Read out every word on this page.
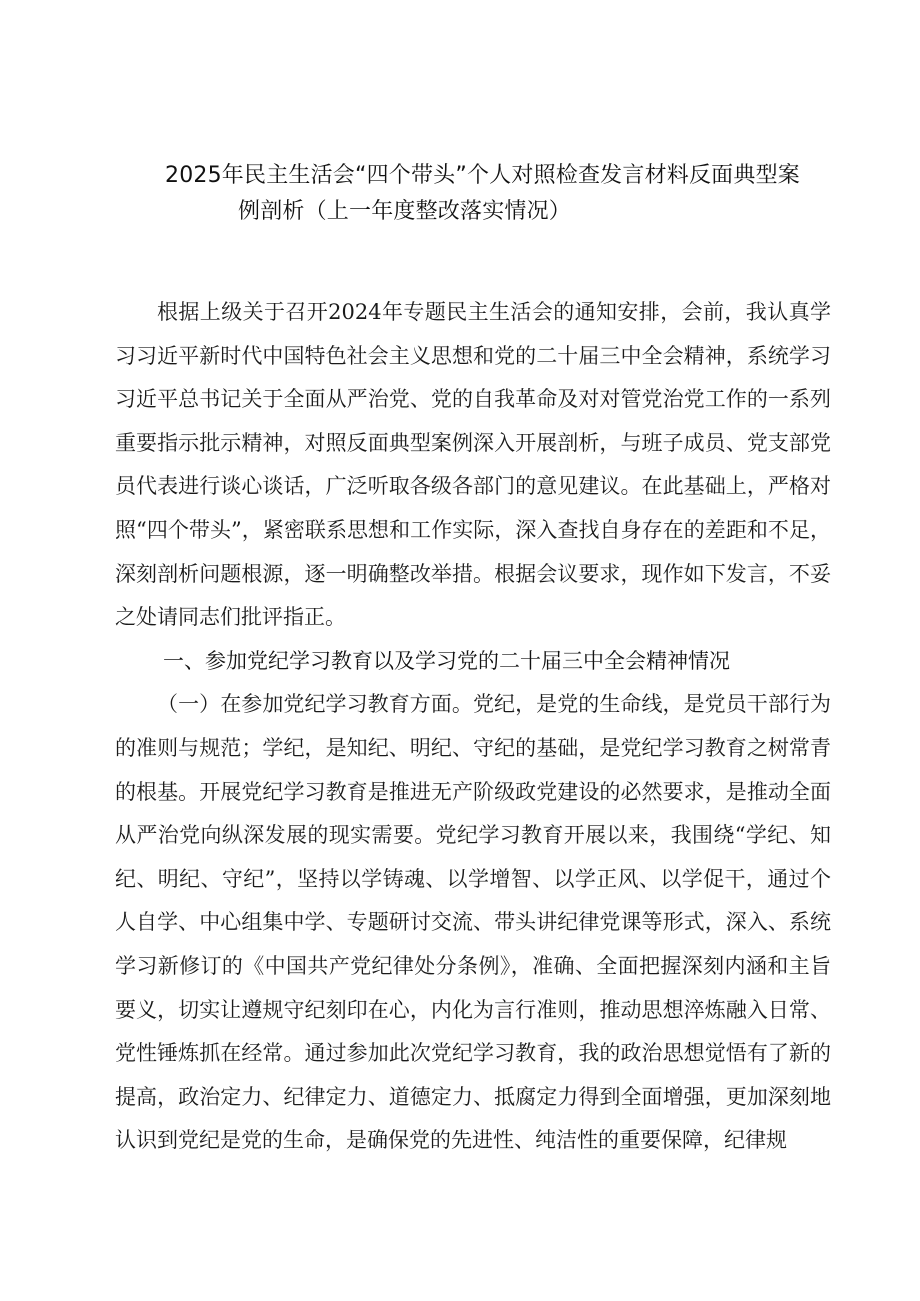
2025年民主生活会“四个带头”个人对照检查发言材料反面典型案
例剖析（上一年度整改落实情况）

根据上级关于召开2024年专题民主生活会的通知安排，会前，我认真学习习近平新时代中国特色社会主义思想和党的二十届三中全会精神，系统学习习近平总书记关于全面从严治党、党的自我革命及对对管党治党工作的一系列重要指示批示精神，对照反面典型案例深入开展剖析，与班子成员、党支部党员代表进行谈心谈话，广泛听取各级各部门的意见建议。在此基础上，严格对照“四个带头”，紧密联系思想和工作实际，深入查找自身存在的差距和不足，深刻剖析问题根源，逐一明确整改举措。根据会议要求，现作如下发言，不妥之处请同志们批评指正。

一、参加党纪学习教育以及学习党的二十届三中全会精神情况

（一）在参加党纪学习教育方面。党纪，是党的生命线，是党员干部行为的准则与规范；学纪，是知纪、明纪、守纪的基础，是党纪学习教育之树常青的根基。开展党纪学习教育是推进无产阶级政党建设的必然要求，是推动全面从严治党向纵深发展的现实需要。党纪学习教育开展以来，我围绕“学纪、知纪、明纪、守纪”，坚持以学铸魂、以学增智、以学正风、以学促干，通过个人自学、中心组集中学、专题研讨交流、带头讲纪律党课等形式，深入、系统学习新修订的《中国共产党纪律处分条例》，准确、全面把握深刻内涵和主旨要义，切实让遵规守纪刻印在心，内化为言行准则，推动思想淬炼融入日常、党性锤炼抓在经常。通过参加此次党纪学习教育，我的政治思想觉悟有了新的提高，政治定力、纪律定力、道德定力、抵腐定力得到全面增强，更加深刻地认识到党纪是党的生命，是确保党的先进性、纯洁性的重要保障，纪律规
